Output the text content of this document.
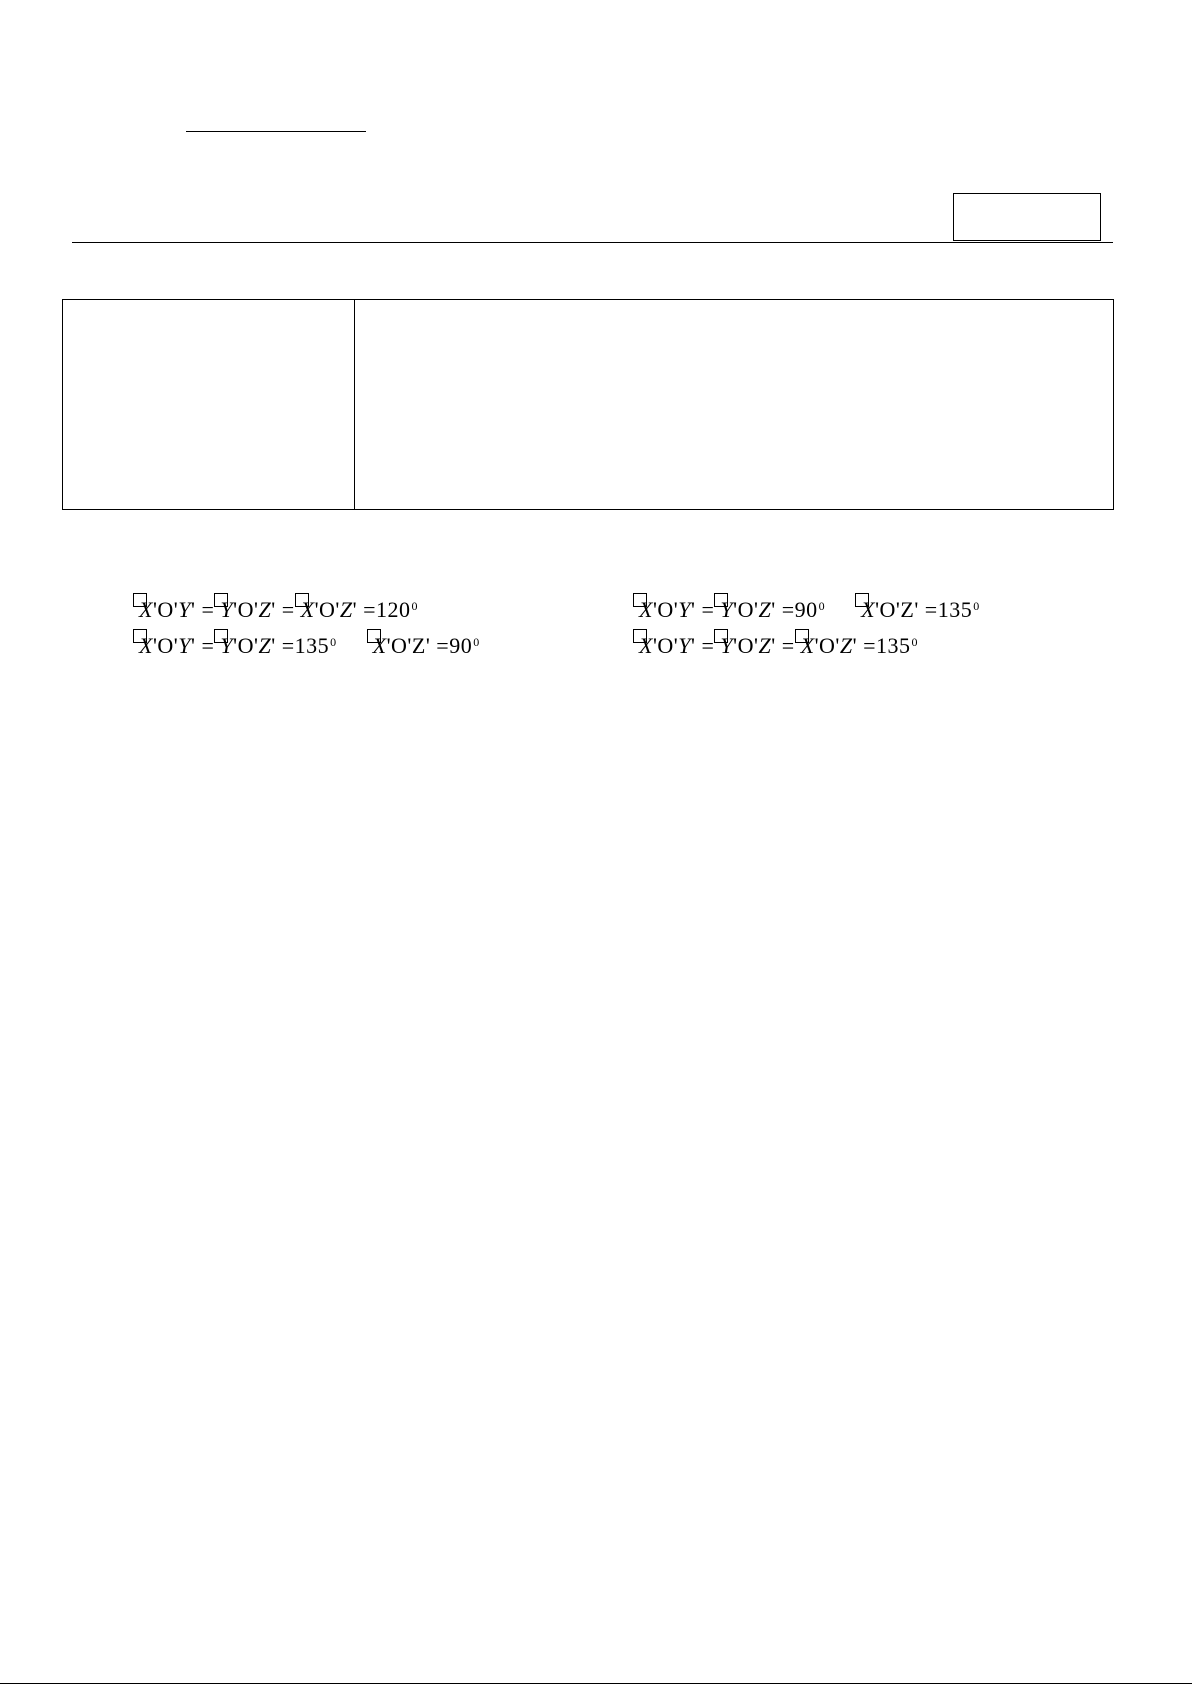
$X'O'Y' = Y'O'Z' = X'O'Z' =120^0$	$X'O'Y' = Y'O'Z' =90^0$ $X'O'Z' =135^0$
$X'O'Y' = Y'O'Z' =135^0$ $X'O'Z' =90^0$	$X'O'Y' = Y'O'Z' = X'O'Z' =135^0$
